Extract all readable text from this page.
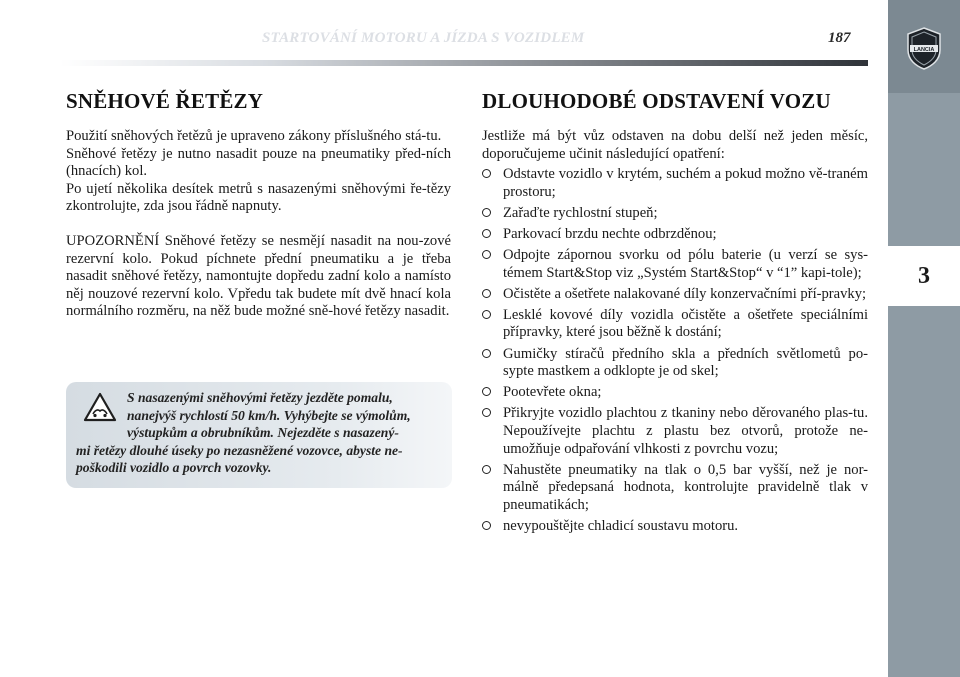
STARTOVÁNÍ MOTORU A JÍZDA S VOZIDLEM	187
LANCIA
3
SNĚHOVÉ ŘETĚZY

Použití sněhových řetězů je upraveno zákony příslušného stá-tu.

Sněhové řetězy je nutno nasadit pouze na pneumatiky před-ních (hnacích) kol.

Po ujetí několika desítek metrů s nasazenými sněhovými ře-tězy zkontrolujte, zda jsou řádně napnuty.

UPOZORNĚNÍ Sněhové řetězy se nesmějí nasadit na nou-zové rezervní kolo. Pokud píchnete přední pneumatiku a je třeba nasadit sněhové řetězy, namontujte dopředu zadní kolo a namísto něj nouzové rezervní kolo. Vpředu tak budete mít dvě hnací kola normálního rozměru, na něž bude možné sně-hové řetězy nasadit.

S nasazenými sněhovými řetězy jezděte pomalu,
nanejvýš rychlostí 50 km/h. Vyhýbejte se výmolům,
výstupkům a obrubníkům. Nejezděte s nasazený-
mi řetězy dlouhé úseky po nezasněžené vozovce, abyste ne-
poškodili vozidlo a povrch vozovky.
DLOUHODOBÉ ODSTAVENÍ VOZU

Jestliže má být vůz odstaven na dobu delší než jeden měsíc, doporučujeme učinit následující opatření:

Odstavte vozidlo v krytém, suchém a pokud možno vě-traném prostoru;
Zařaďte rychlostní stupeň;
Parkovací brzdu nechte odbrzděnou;
Odpojte zápornou svorku od pólu baterie (u verzí se sys-témem Start&Stop viz „Systém Start&Stop“ v “1” kapi-tole);
Očistěte a ošetřete nalakované díly konzervačními pří-pravky;
Lesklé kovové díly vozidla očistěte a ošetřete speciálními přípravky, které jsou běžně k dostání;
Gumičky stíračů předního skla a předních světlometů po-sypte mastkem a odklopte je od skel;
Pootevřete okna;
Přikryjte vozidlo plachtou z tkaniny nebo děrovaného plas-tu. Nepoužívejte plachtu z plastu bez otvorů, protože ne-umožňuje odpařování vlhkosti z povrchu vozu;
Nahustěte pneumatiky na tlak o 0,5 bar vyšší, než je nor-málně předepsaná hodnota, kontrolujte pravidelně tlak v pneumatikách;
nevypouštějte chladicí soustavu motoru.
